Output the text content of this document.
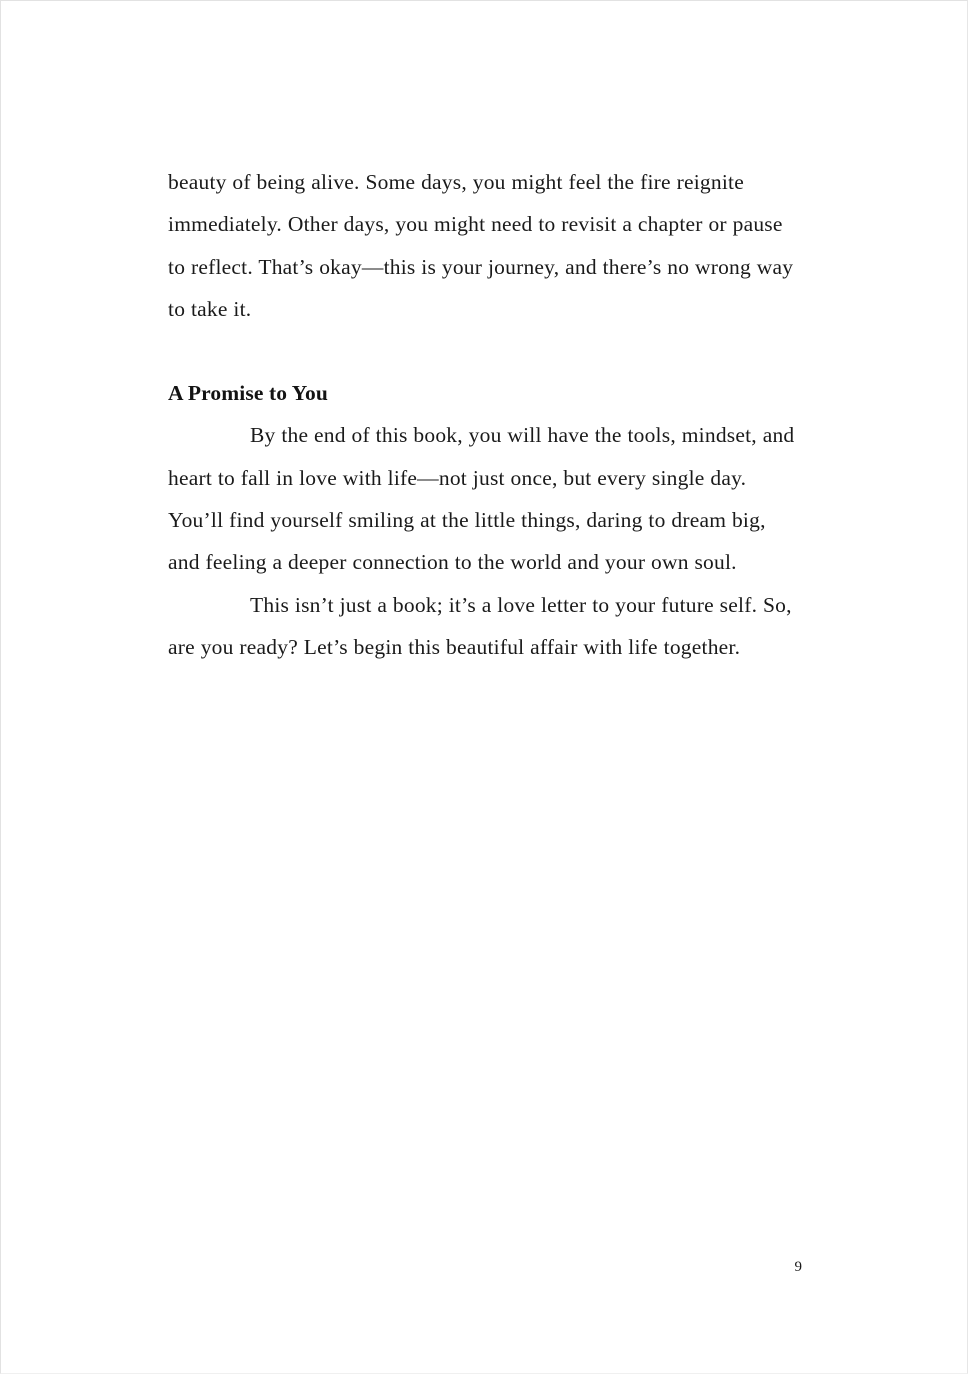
beauty of being alive. Some days, you might feel the fire reignite immediately. Other days, you might need to revisit a chapter or pause to reflect. That’s okay—this is your journey, and there’s no wrong way to take it.

A Promise to You

By the end of this book, you will have the tools, mindset, and heart to fall in love with life—not just once, but every single day. You’ll find yourself smiling at the little things, daring to dream big, and feeling a deeper connection to the world and your own soul.

This isn’t just a book; it’s a love letter to your future self. So, are you ready? Let’s begin this beautiful affair with life together.

9
